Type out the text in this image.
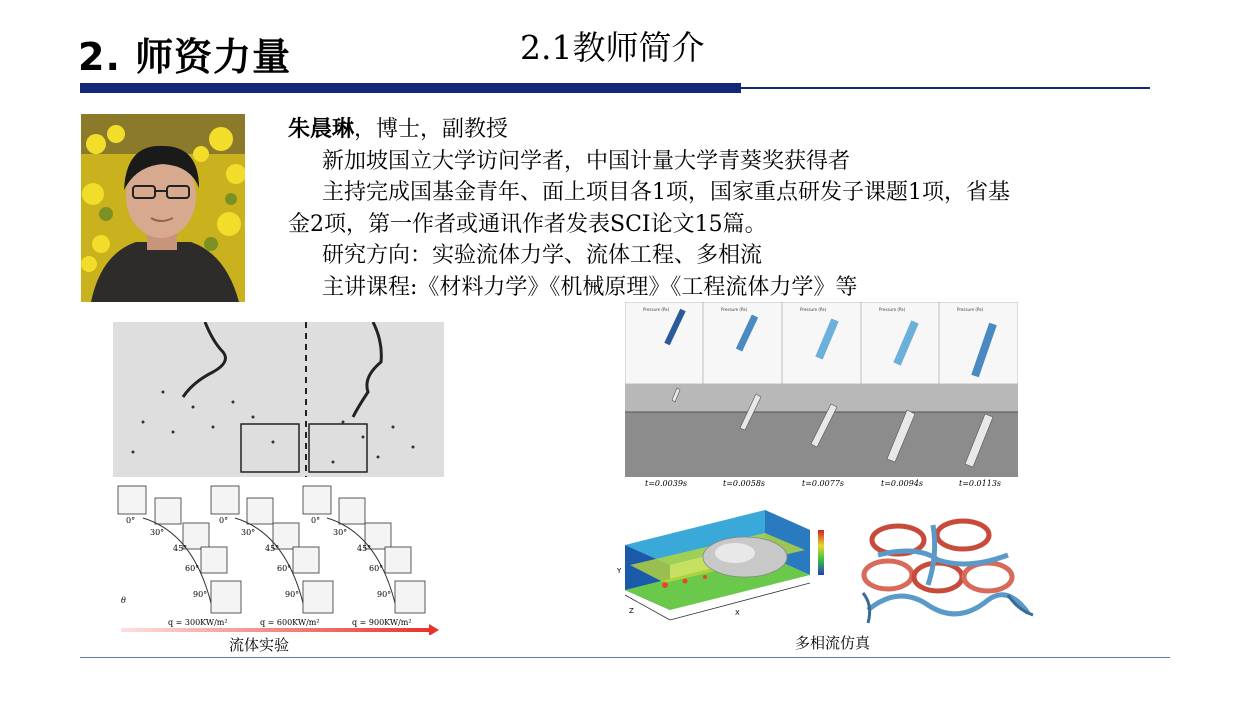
2. 师资力量	2.1教师简介
朱晨琳，博士，副教授
新加坡国立大学访问学者，中国计量大学青葵奖获得者
主持完成国基金青年、面上项目各1项，国家重点研发子课题1项，省基
金2项，第一作者或通讯作者发表SCI论文15篇。
研究方向：实验流体力学、流体工程、多相流
主讲课程:《材料力学》《机械原理》《工程流体力学》等
0°
30°
45°
60°
90°
0°
30°
45°
60°
90°
0°
30°
45°
60°
90°
θ
q = 300KW/m²	q = 600KW/m²	q = 900KW/m²
流体实验
Pressure (Pa)	Pressure (Pa)	Pressure (Pa)	Pressure (Pa)	Pressure (Pa)
t=0.0039s	t=0.0058s	t=0.0077s	t=0.0094s	t=0.0113s
Y
Z	X
多相流仿真
